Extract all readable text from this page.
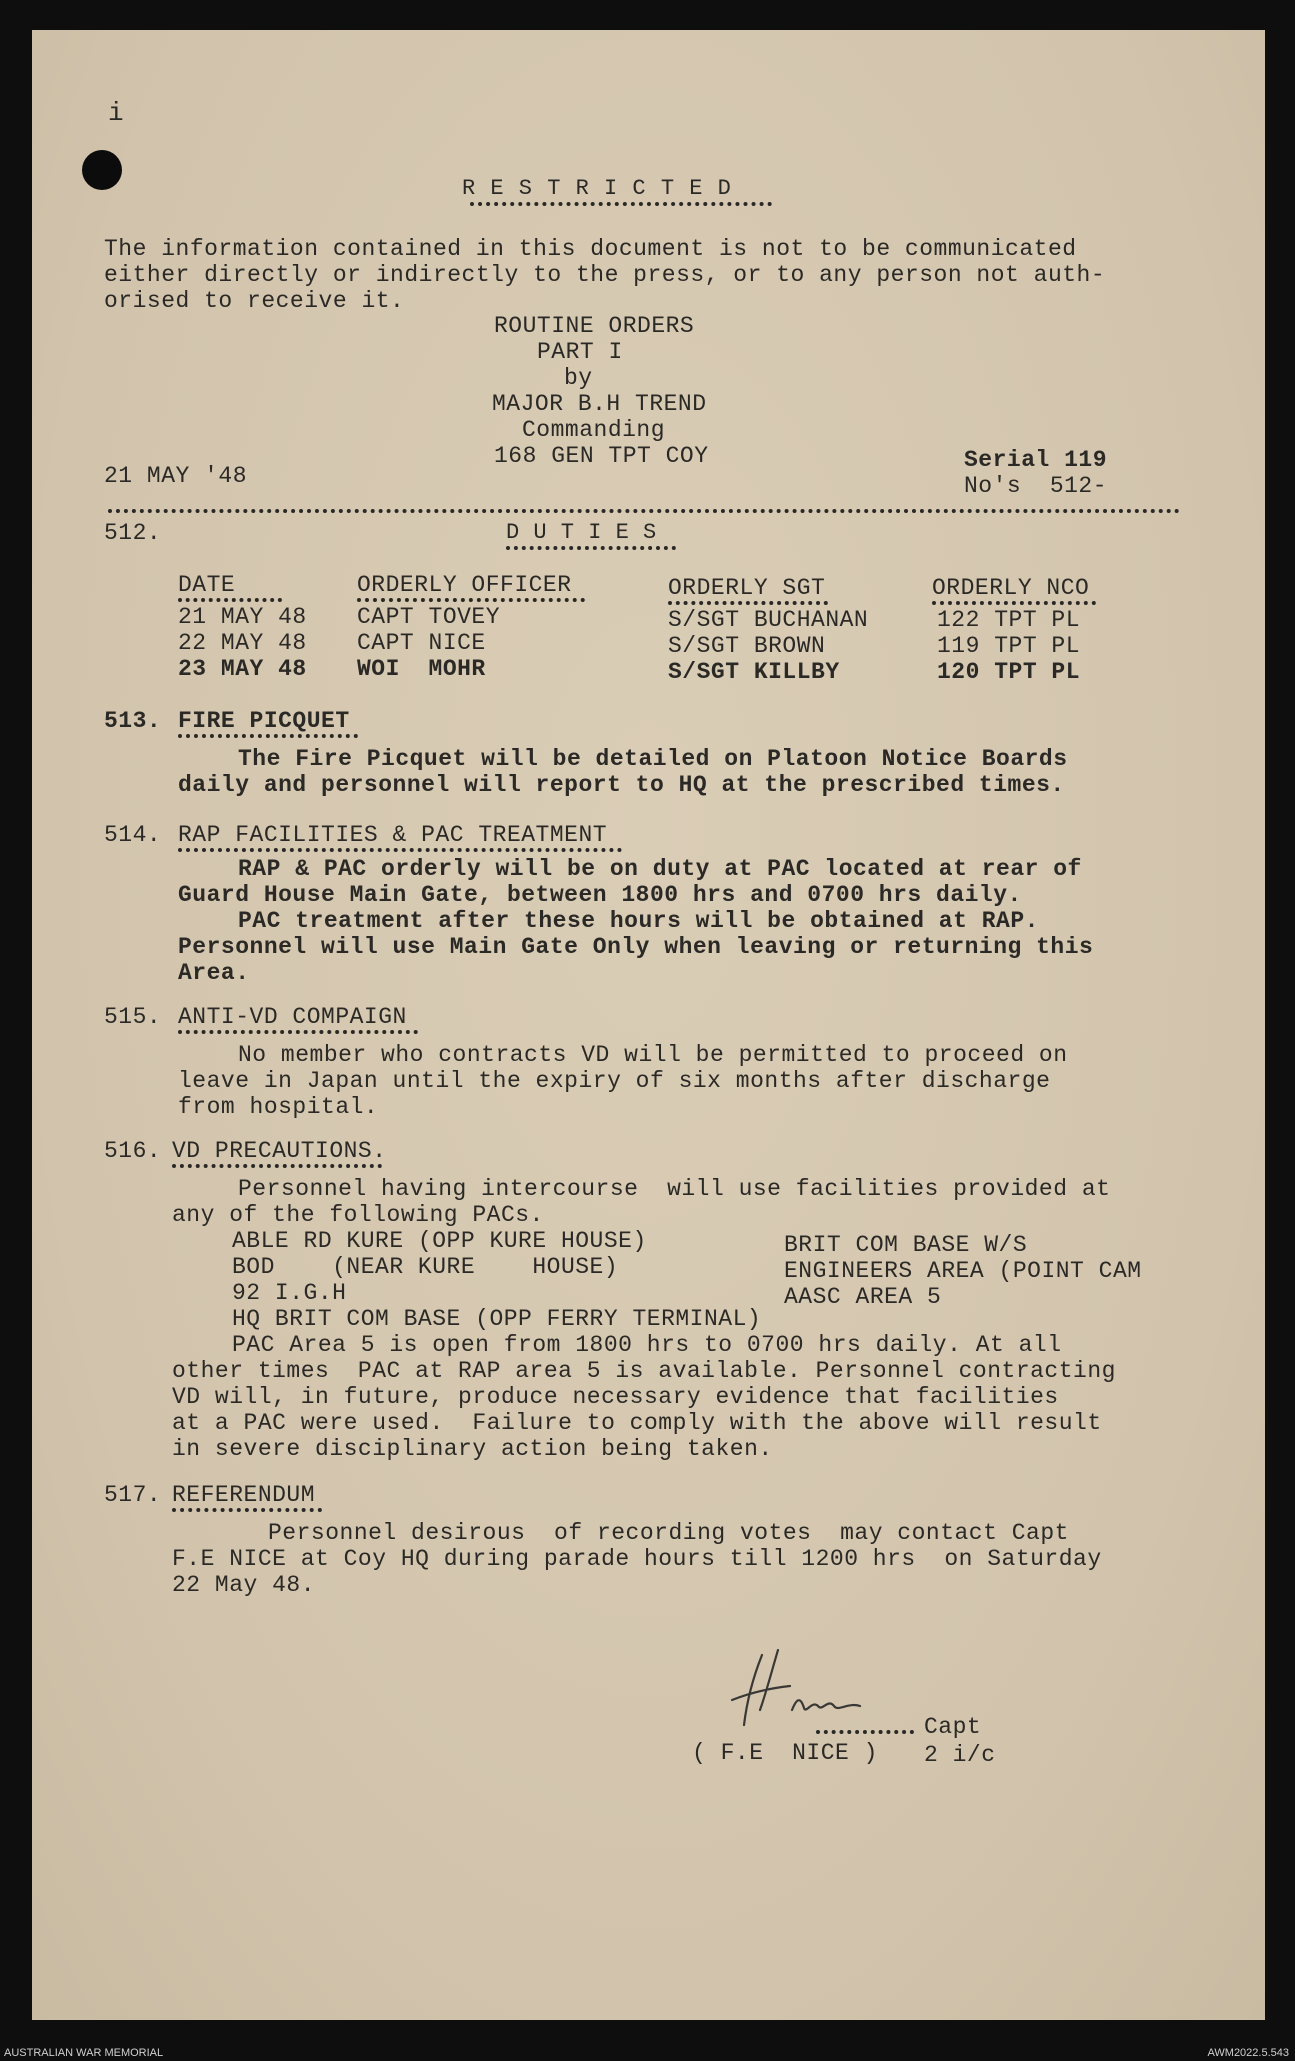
i
R E S T R I C T E D
The information contained in this document is not to be communicated
either directly or indirectly to the press, or to any person not auth-
orised to receive it.
ROUTINE ORDERS
PART I
by
MAJOR B.H TREND
Commanding
168 GEN TPT COY
21 MAY '48
Serial 119
No's  512-
512.	D U T I E S
DATE	ORDERLY OFFICER	ORDERLY SGT	ORDERLY NCO
21 MAY 48 CAPT TOVEY	S/SGT BUCHANAN	122 TPT PL
22 MAY 48 CAPT NICE	S/SGT BROWN	119 TPT PL
23 MAY 48 WOI  MOHR	S/SGT KILLBY	120 TPT PL
513. FIRE PICQUET
The Fire Picquet will be detailed on Platoon Notice Boards
daily and personnel will report to HQ at the prescribed times.
514. RAP FACILITIES & PAC TREATMENT
RAP & PAC orderly will be on duty at PAC located at rear of
Guard House Main Gate, between 1800 hrs and 0700 hrs daily.
PAC treatment after these hours will be obtained at RAP.
Personnel will use Main Gate Only when leaving or returning this
Area.
515. ANTI-VD COMPAIGN
No member who contracts VD will be permitted to proceed on
leave in Japan until the expiry of six months after discharge
from hospital.
516. VD PRECAUTIONS.
Personnel having intercourse  will use facilities provided at
any of the following PACs.
ABLE RD KURE (OPP KURE HOUSE)
BOD    (NEAR KURE    HOUSE)
92 I.G.H
HQ BRIT COM BASE (OPP FERRY TERMINAL)
BRIT COM BASE W/S
ENGINEERS AREA (POINT CAM
AASC AREA 5
PAC Area 5 is open from 1800 hrs to 0700 hrs daily. At all
other times  PAC at RAP area 5 is available. Personnel contracting
VD will, in future, produce necessary evidence that facilities
at a PAC were used.  Failure to comply with the above will result
in severe disciplinary action being taken.
517. REFERENDUM
Personnel desirous  of recording votes  may contact Capt
F.E NICE at Coy HQ during parade hours till 1200 hrs  on Saturday
22 May 48.
Capt
( F.E  NICE ) 2 i/c
AUSTRALIAN WAR MEMORIAL	AWM2022.5.543
